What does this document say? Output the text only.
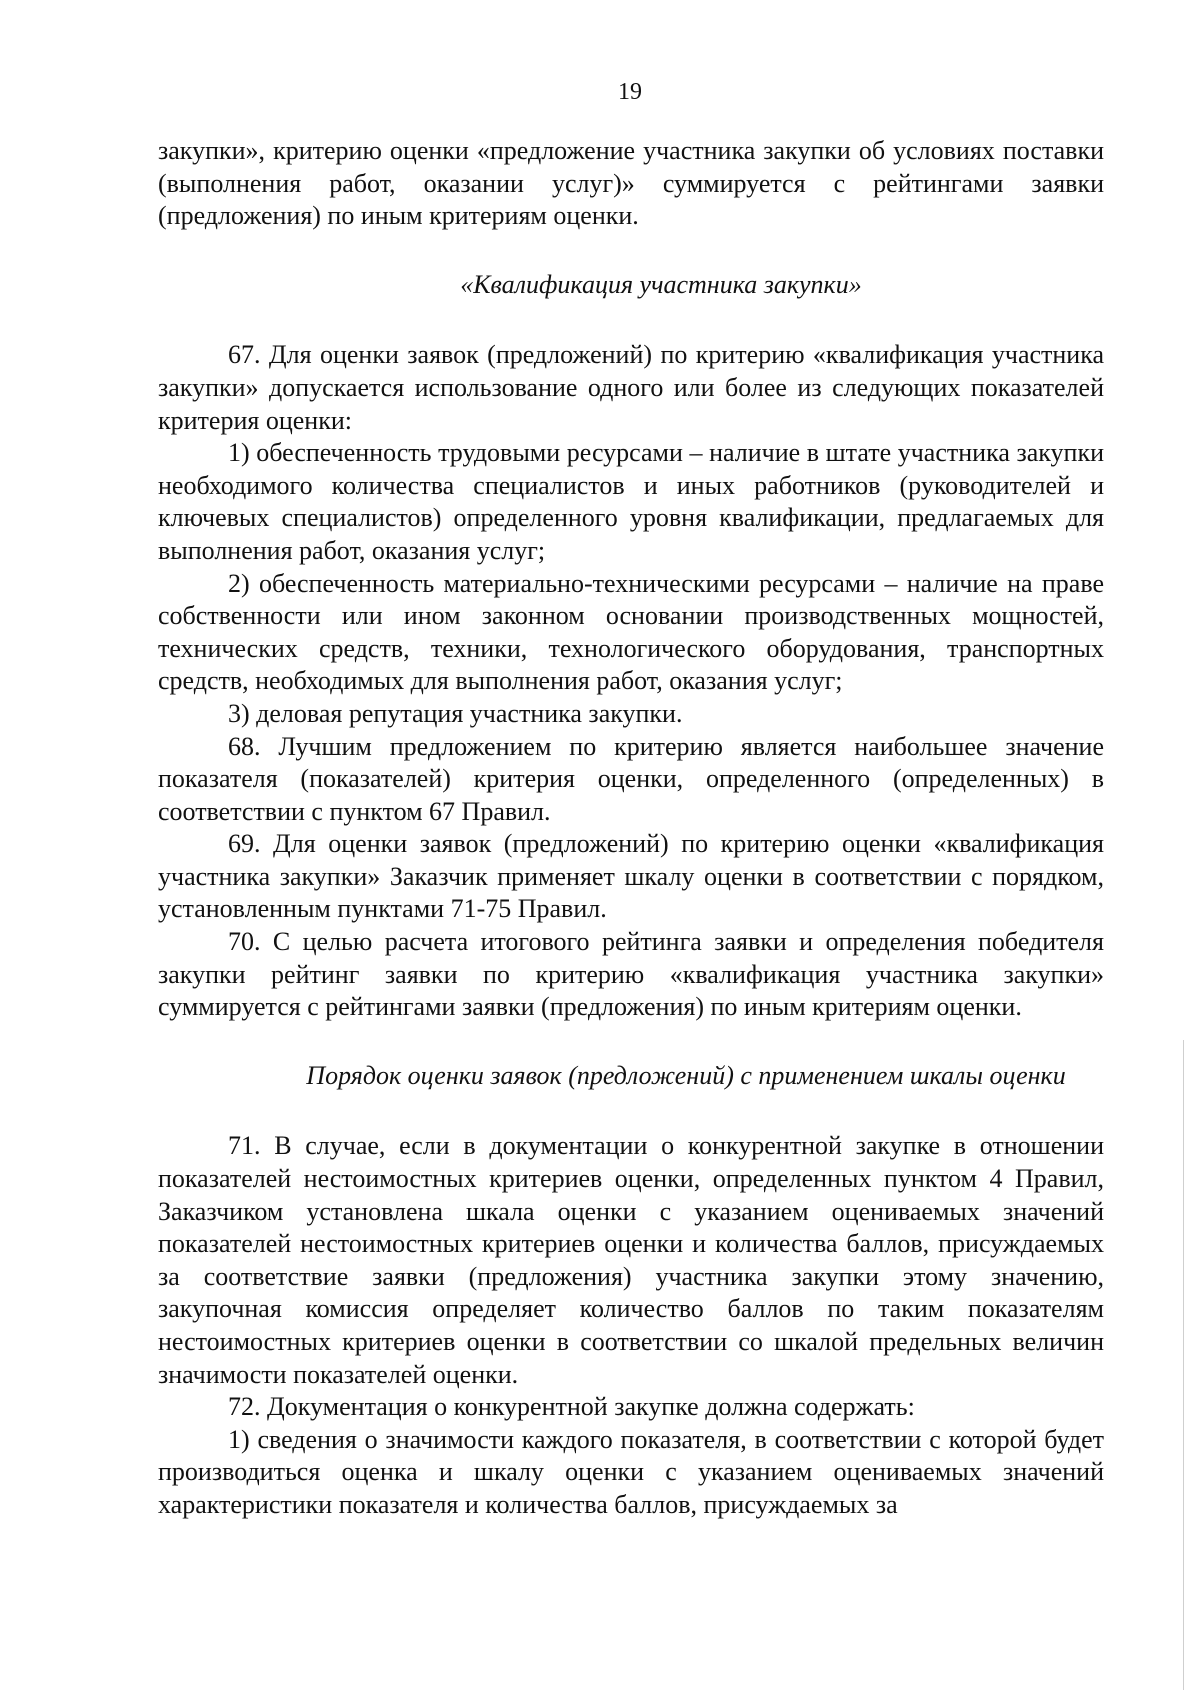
19

закупки», критерию оценки «предложение участника закупки об условиях поставки (выполнения работ, оказании услуг)» суммируется с рейтингами заявки (предложения) по иным критериям оценки.

«Квалификация участника закупки»

67. Для оценки заявок (предложений) по критерию «квалификация участника закупки» допускается использование одного или более из следующих показателей критерия оценки:

1) обеспеченность трудовыми ресурсами – наличие в штате участника закупки необходимого количества специалистов и иных работников (руководителей и ключевых специалистов) определенного уровня квалификации, предлагаемых для выполнения работ, оказания услуг;

2) обеспеченность материально-техническими ресурсами – наличие на праве собственности или ином законном основании производственных мощностей, технических средств, техники, технологического оборудования, транспортных средств, необходимых для выполнения работ, оказания услуг;

3) деловая репутация участника закупки.

68. Лучшим предложением по критерию является наибольшее значение показателя (показателей) критерия оценки, определенного (определенных) в соответствии с пунктом 67 Правил.

69. Для оценки заявок (предложений) по критерию оценки «квалификация участника закупки» Заказчик применяет шкалу оценки в соответствии с порядком, установленным пунктами 71-75 Правил.

70. С целью расчета итогового рейтинга заявки и определения победителя закупки рейтинг заявки по критерию «квалификация участника закупки» суммируется с рейтингами заявки (предложения) по иным критериям оценки.

Порядок оценки заявок (предложений) с применением шкалы оценки

71. В случае, если в документации о конкурентной закупке в отношении показателей нестоимостных критериев оценки, определенных пунктом 4 Правил, Заказчиком установлена шкала оценки с указанием оцениваемых значений показателей нестоимостных критериев оценки и количества баллов, присуждаемых за соответствие заявки (предложения) участника закупки этому значению, закупочная комиссия определяет количество баллов по таким показателям нестоимостных критериев оценки в соответствии со шкалой предельных величин значимости показателей оценки.

72. Документация о конкурентной закупке должна содержать:

1) сведения о значимости каждого показателя, в соответствии с которой будет производиться оценка и шкалу оценки с указанием оцениваемых значений характеристики показателя и количества баллов, присуждаемых за
